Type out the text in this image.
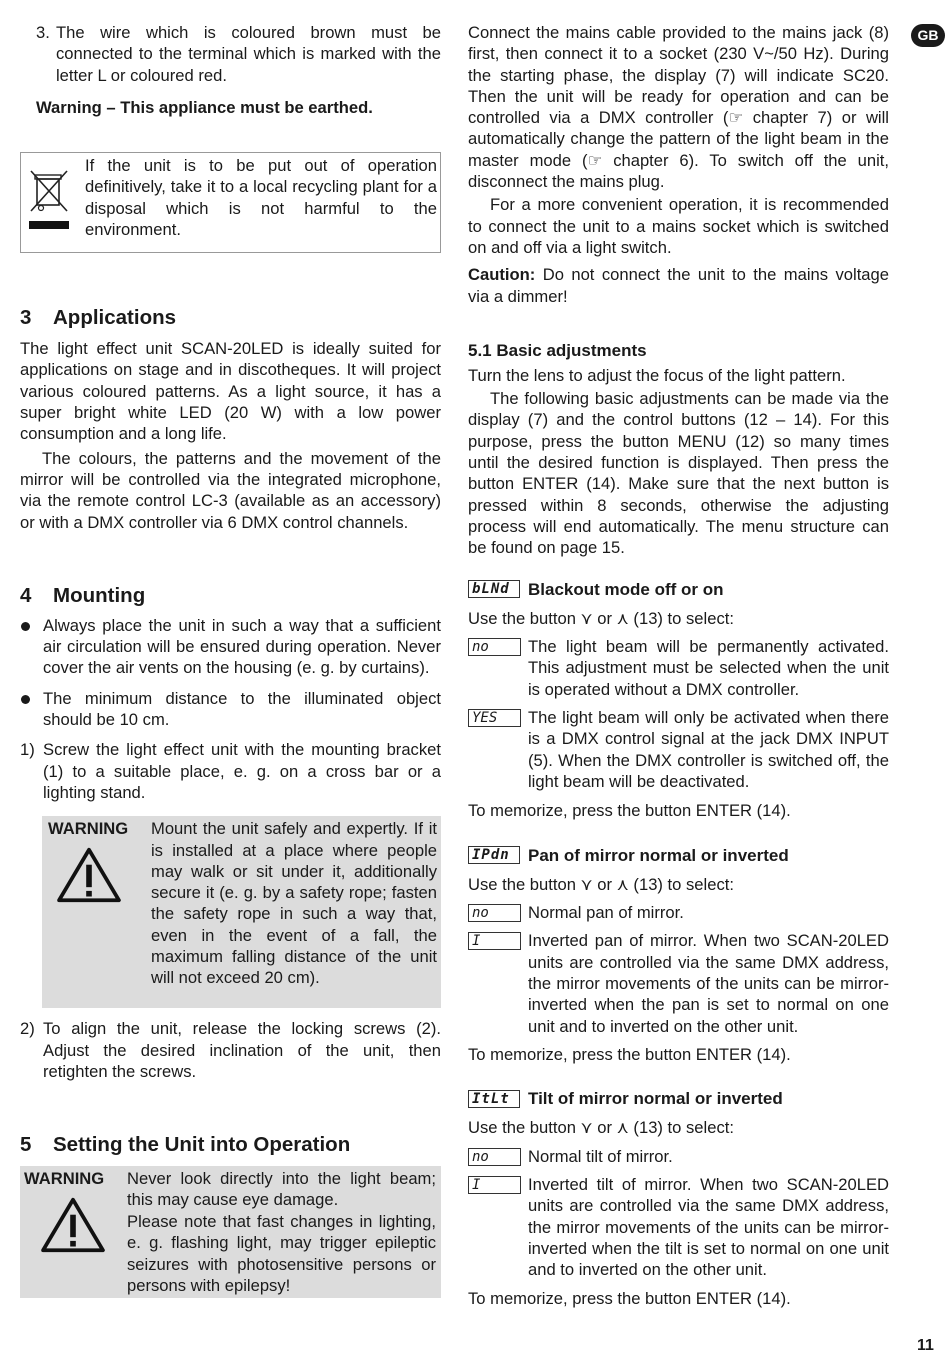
GB
3. The wire which is coloured brown must be connected to the terminal which is marked with the letter L or coloured red.

Warning – This appliance must be earthed.

If the unit is to be put out of operation definitively, take it to a local recycling plant for a disposal which is not harmful to the environment.

3 Applications

The light effect unit SCAN-20LED is ideally suited for applications on stage and in discotheques. It will project various coloured patterns. As a light source, it has a super bright white LED (20 W) with a low power consumption and a long life.

The colours, the patterns and the movement of the mirror will be controlled via the integrated microphone, via the remote control LC-3 (available as an accessory) or with a DMX controller via 6 DMX control channels.

4 Mounting
Always place the unit in such a way that a sufficient air circulation will be ensured during operation. Never cover the air vents on the housing (e. g. by curtains).
The minimum distance to the illuminated object should be 10 cm.
1) Screw the light effect unit with the mounting bracket (1) to a suitable place, e. g. on a cross bar or a lighting stand.
WARNING Mount the unit safely and expertly. If it is installed at a place where people may walk or sit under it, additionally secure it (e. g. by a safety rope; fasten the safety rope in such a way that, even in the event of a fall, the maximum falling distance of the unit will not exceed 20 cm).

2) To align the unit, release the locking screws (2). Adjust the desired inclination of the unit, then retighten the screws.
5 Setting the Unit into Operation
WARNING Never look directly into the light beam; this may cause eye damage.

Please note that fast changes in lighting, e. g. flashing light, may trigger epileptic seizures with photosensitive persons or persons with epilepsy!

Connect the mains cable provided to the mains jack (8) first, then connect it to a socket (230 V~/50 Hz). During the starting phase, the display (7) will indicate SC20. Then the unit will be ready for operation and can be controlled via a DMX controller (☞ chapter 7) or will automatically change the pattern of the light beam in the master mode (☞ chapter 6). To switch off the unit, disconnect the mains plug.

For a more convenient operation, it is recommended to connect the unit to a mains socket which is switched on and off via a light switch.

Caution: Do not connect the unit to the mains voltage via a dimmer!

5.1 Basic adjustments

Turn the lens to adjust the focus of the light pattern.

The following basic adjustments can be made via the display (7) and the control buttons (12 – 14). For this purpose, press the button MENU (12) so many times until the desired function is displayed. Then press the button ENTER (14). Make sure that the next button is pressed within 8 seconds, otherwise the adjusting process will end automatically. The menu structure can be found on page 15.

bLNd	Blackout mode off or on

Use the button ⋎ or ⋏ (13) to select:

no	The light beam will be permanently activated. This adjustment must be selected when the unit is operated without a DMX controller.
YES	The light beam will only be activated when there is a DMX control signal at the jack DMX INPUT (5). When the DMX controller is switched off, the light beam will be deactivated.

To memorize, press the button ENTER (14).

IPdn	Pan of mirror normal or inverted

Use the button ⋎ or ⋏ (13) to select:

no	Normal pan of mirror.
I	Inverted pan of mirror. When two SCAN-20LED units are controlled via the same DMX address, the mirror movements of the units can be mirror-inverted when the pan is set to normal on one unit and to inverted on the other unit.

To memorize, press the button ENTER (14).

ItLt	Tilt of mirror normal or inverted

Use the button ⋎ or ⋏ (13) to select:

no	Normal tilt of mirror.
I	Inverted tilt of mirror. When two SCAN-20LED units are controlled via the same DMX address, the mirror movements of the units can be mirror-inverted when the tilt is set to normal on one unit and to inverted on the other unit.

To memorize, press the button ENTER (14).

11
